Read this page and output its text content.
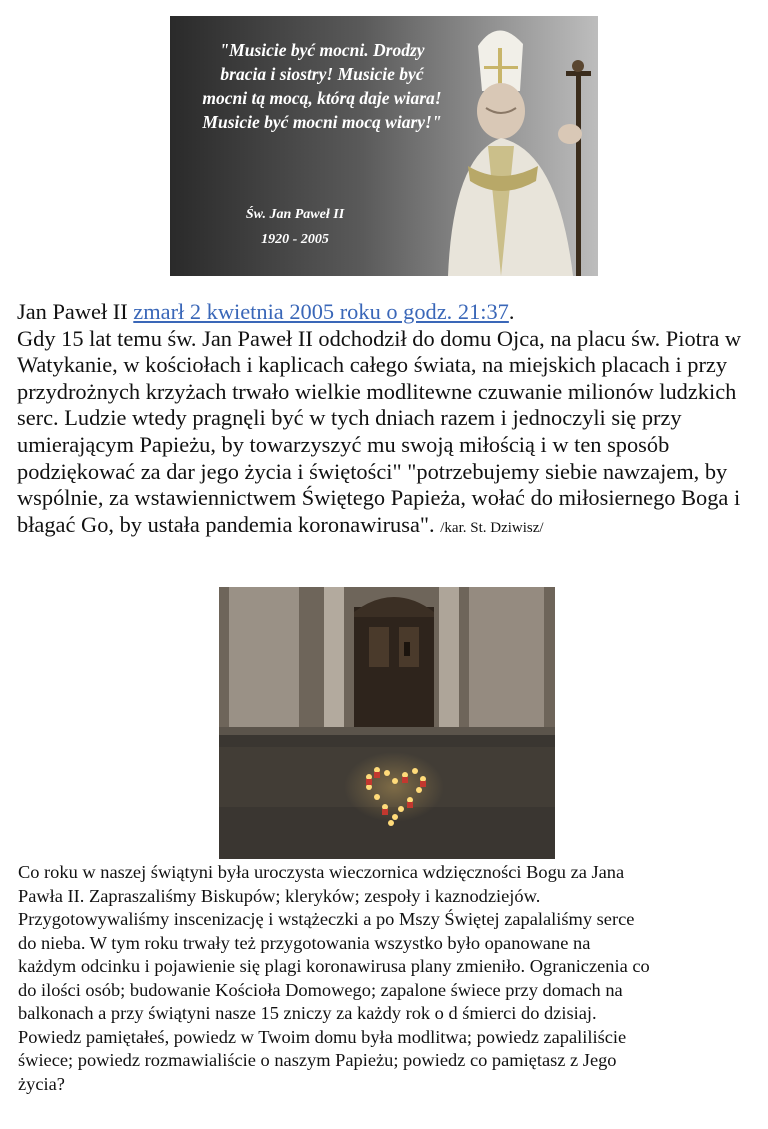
"Musicie być mocni. Drodzy
bracia i siostry! Musicie być
mocni tą mocą, którą daje wiara!
Musicie być mocni mocą wiary!"
Św. Jan Paweł II
1920 - 2005
Jan Paweł II zmarł 2 kwietnia 2005 roku o godz. 21:37.
Gdy 15 lat temu św. Jan Paweł II odchodził do domu Ojca, na placu św. Piotra w Watykanie, w kościołach i kaplicach całego świata, na miejskich placach i przy przydrożnych krzyżach trwało wielkie modlitewne czuwanie milionów ludzkich serc. Ludzie wtedy pragnęli być w tych dniach razem i jednoczyli się przy umierającym Papieżu, by towarzyszyć mu swoją miłością i w ten sposób podziękować za dar jego życia i świętości" "potrzebujemy siebie nawzajem, by wspólnie, za wstawiennictwem Świętego Papieża, wołać do miłosiernego Boga i błagać Go, by ustała pandemia koronawirusa". /kar. St. Dziwisz/
Co roku w naszej świątyni była uroczysta wieczornica wdzięczności Bogu za Jana
Pawła II. Zapraszaliśmy Biskupów; kleryków; zespoły i kaznodziejów.
Przygotowywaliśmy inscenizację i wstążeczki a po Mszy Świętej zapalaliśmy serce
do nieba. W tym roku trwały też przygotowania wszystko było opanowane na
każdym odcinku i pojawienie się plagi koronawirusa plany zmieniło. Ograniczenia co
do ilości osób; budowanie Kościoła Domowego; zapalone świece przy domach na
balkonach a przy świątyni nasze 15 zniczy za każdy rok o d śmierci do dzisiaj.
Powiedz pamiętałeś, powiedz w Twoim domu była modlitwa; powiedz zapaliliście
świece; powiedz rozmawialiście o naszym Papieżu; powiedz co pamiętasz z Jego
życia?
